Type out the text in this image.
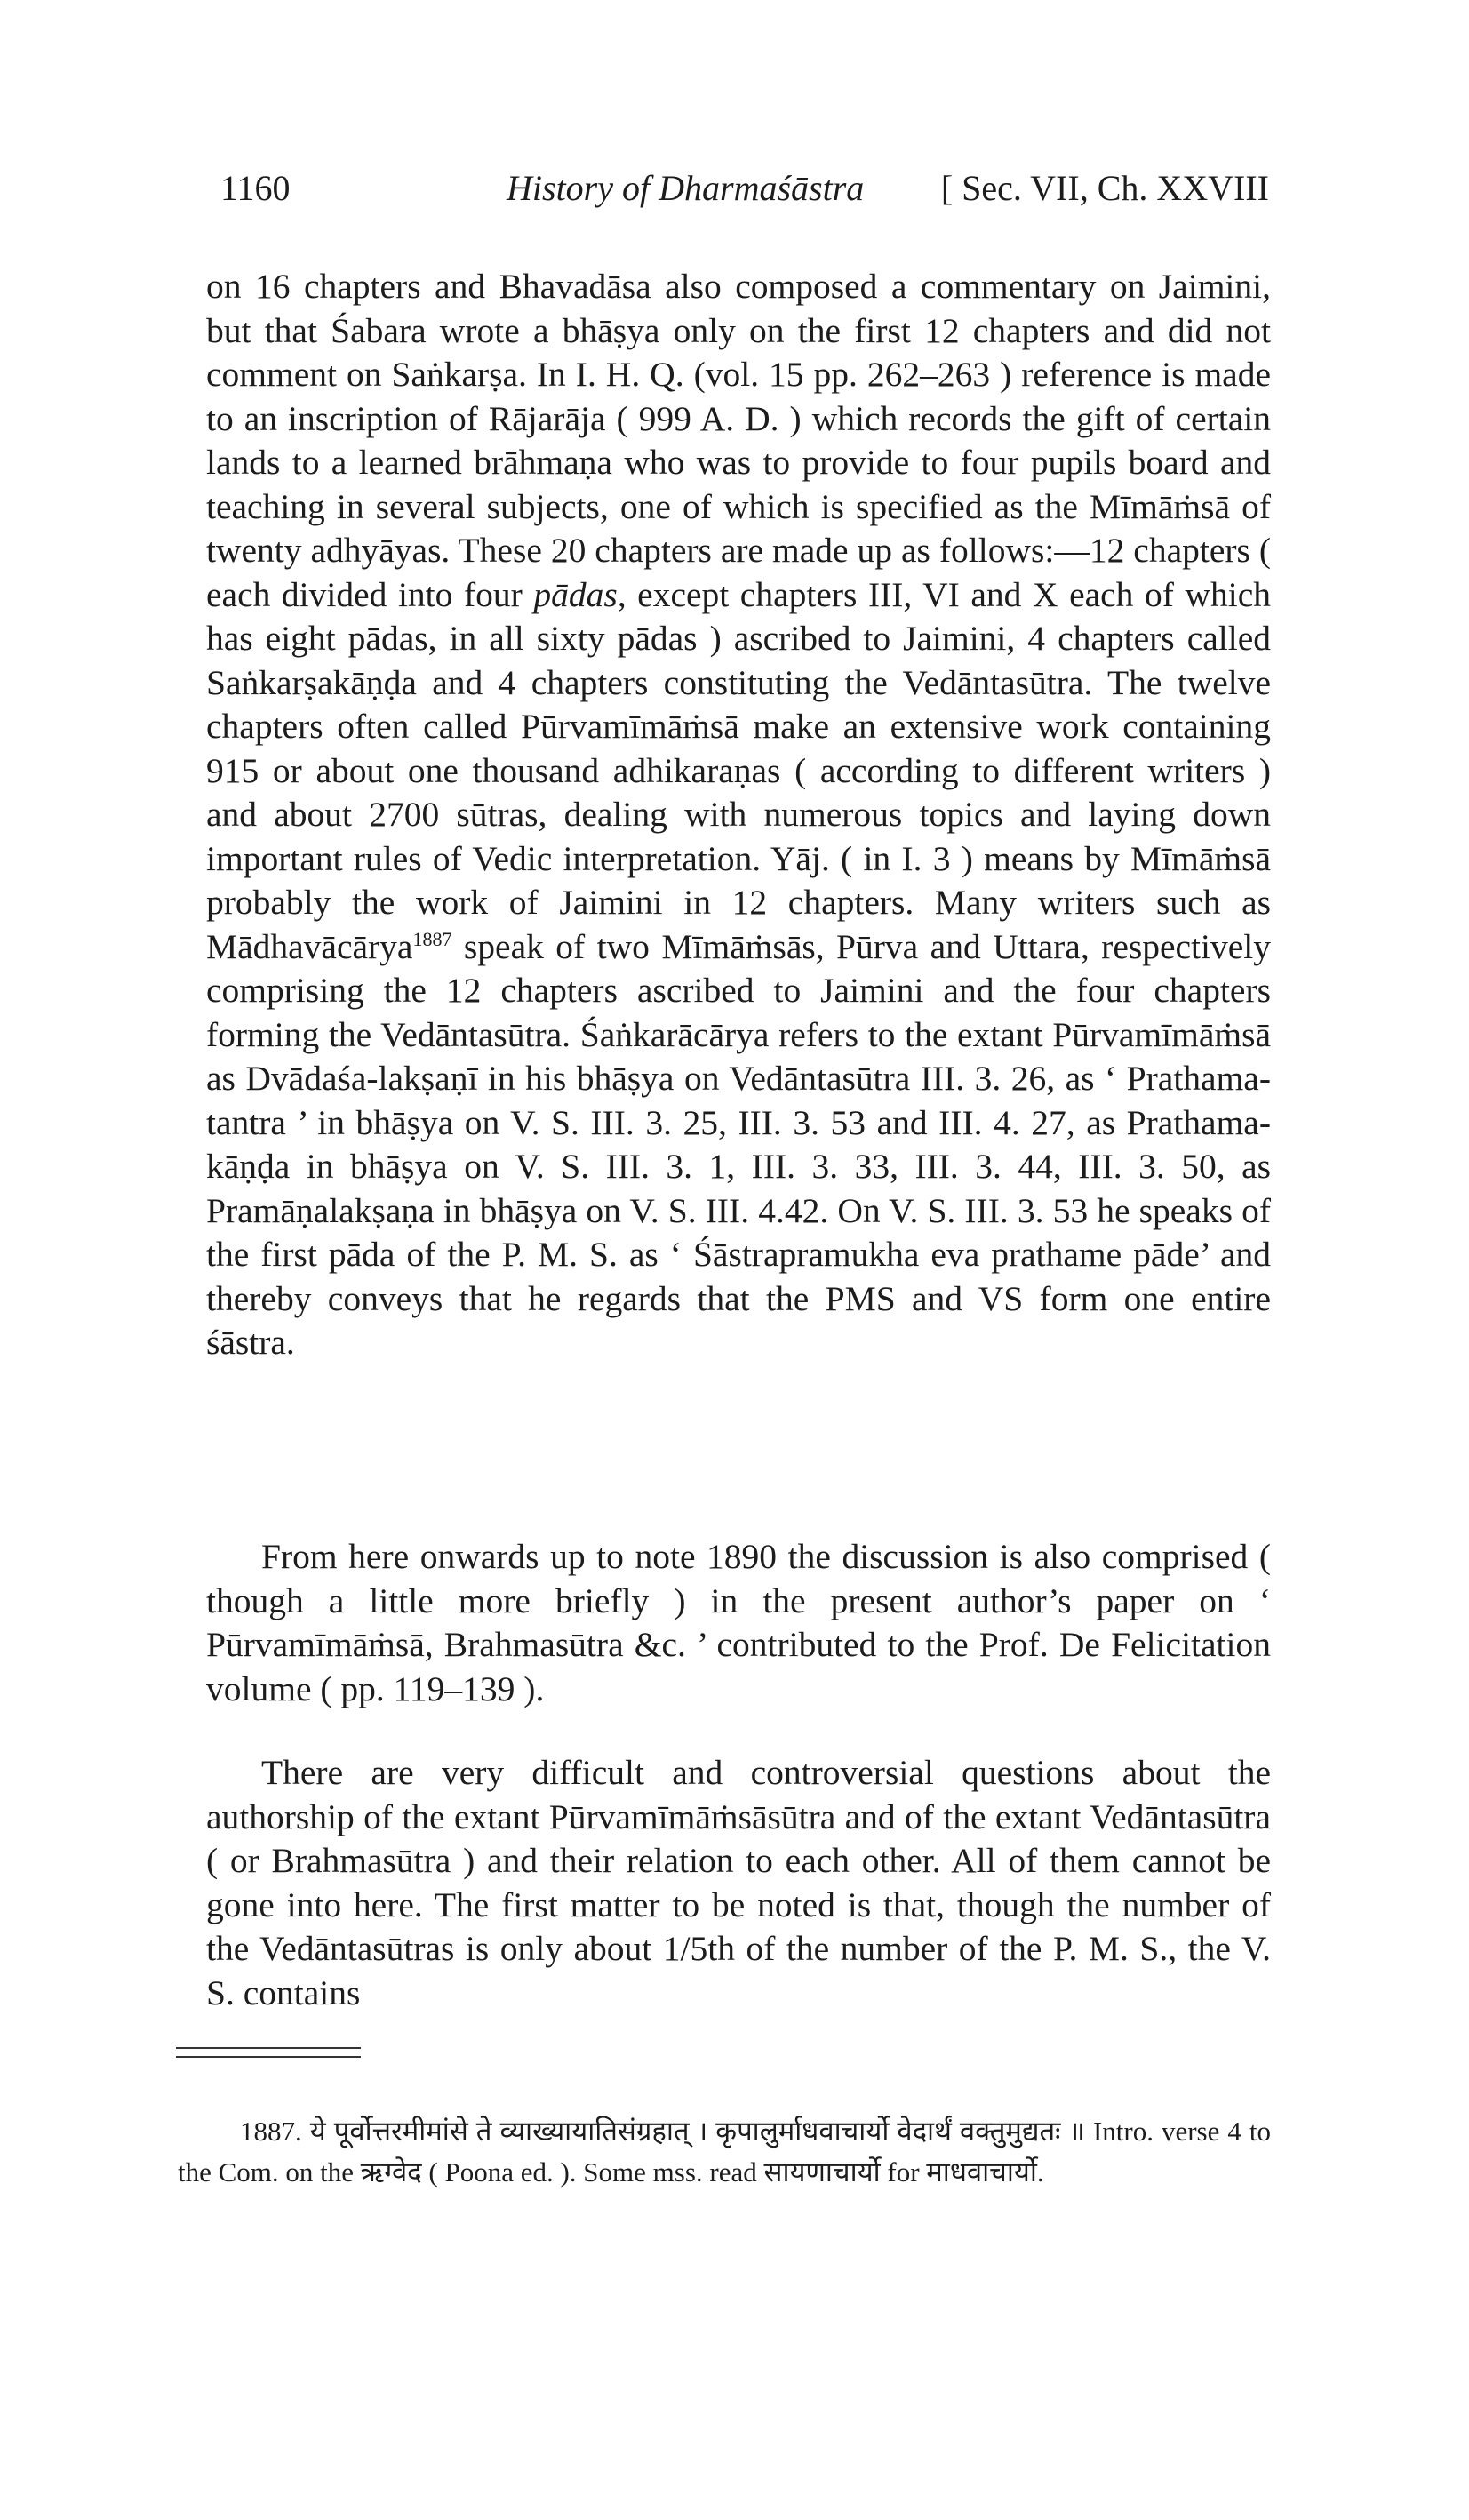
1160	History of Dharmaśāstra [ Sec. VII, Ch. XXVIII

on 16 chapters and Bhavadāsa also composed a commentary on Jaimini, but that Śabara wrote a bhāṣya only on the first 12 chapters and did not comment on Saṅkarṣa. In I. H. Q. (vol. 15 pp. 262–263 ) reference is made to an inscription of Rājarāja ( 999 A. D. ) which records the gift of certain lands to a learned brāhmaṇa who was to provide to four pupils board and teaching in several subjects, one of which is specified as the Mīmāṁsā of twenty adhyāyas. These 20 chapters are made up as follows:—12 chapters ( each divided into four pādas, except chapters III, VI and X each of which has eight pādas, in all sixty pādas ) ascribed to Jaimini, 4 chapters called Saṅkarṣakāṇḍa and 4 chapters constituting the Vedāntasūtra. The twelve chapters often called Pūrvamīmāṁsā make an extensive work containing 915 or about one thousand adhikaraṇas ( according to different writers ) and about 2700 sūtras, dealing with numerous topics and laying down important rules of Vedic interpretation. Yāj. ( in I. 3 ) means by Mīmāṁsā probably the work of Jaimini in 12 chapters. Many writers such as Mādhavācārya$^{1887}$ speak of two Mīmāṁsās, Pūrva and Uttara, respectively comprising the 12 chapters ascribed to Jaimini and the four chapters forming the Vedāntasūtra. Śaṅkarācārya refers to the extant Pūrvamīmāṁsā as Dvādaśa-lakṣaṇī in his bhāṣya on Vedāntasūtra III. 3. 26, as ‘ Prathama-tantra ’ in bhāṣya on V. S. III. 3. 25, III. 3. 53 and III. 4. 27, as Prathama-kāṇḍa in bhāṣya on V. S. III. 3. 1, III. 3. 33, III. 3. 44, III. 3. 50, as Pramāṇalakṣaṇa in bhāṣya on V. S. III. 4.42. On V. S. III. 3. 53 he speaks of the first pāda of the P. M. S. as ‘ Śāstrapramukha eva prathame pāde’ and thereby conveys that he regards that the PMS and VS form one entire śāstra.

From here onwards up to note 1890 the discussion is also comprised ( though a little more briefly ) in the present author’s paper on ‘ Pūrvamīmāṁsā, Brahmasūtra &c. ’ contributed to the Prof. De Felicitation volume ( pp. 119–139 ).

There are very difficult and controversial questions about the authorship of the extant Pūrvamīmāṁsāsūtra and of the extant Vedāntasūtra ( or Brahmasūtra ) and their relation to each other. All of them cannot be gone into here. The first matter to be noted is that, though the number of the Vedāntasūtras is only about 1/5th of the number of the P. M. S., the V. S. contains

1887. ये पूर्वोत्तरमीमांसे ते व्याख्यायातिसंग्रहात् । कृपालुर्माधवाचार्यो वेदार्थं वक्तुमुद्यतः ॥ Intro. verse 4 to the Com. on the ऋग्वेद ( Poona ed. ). Some mss. read सायणाचार्यो for माधवाचार्यो.
